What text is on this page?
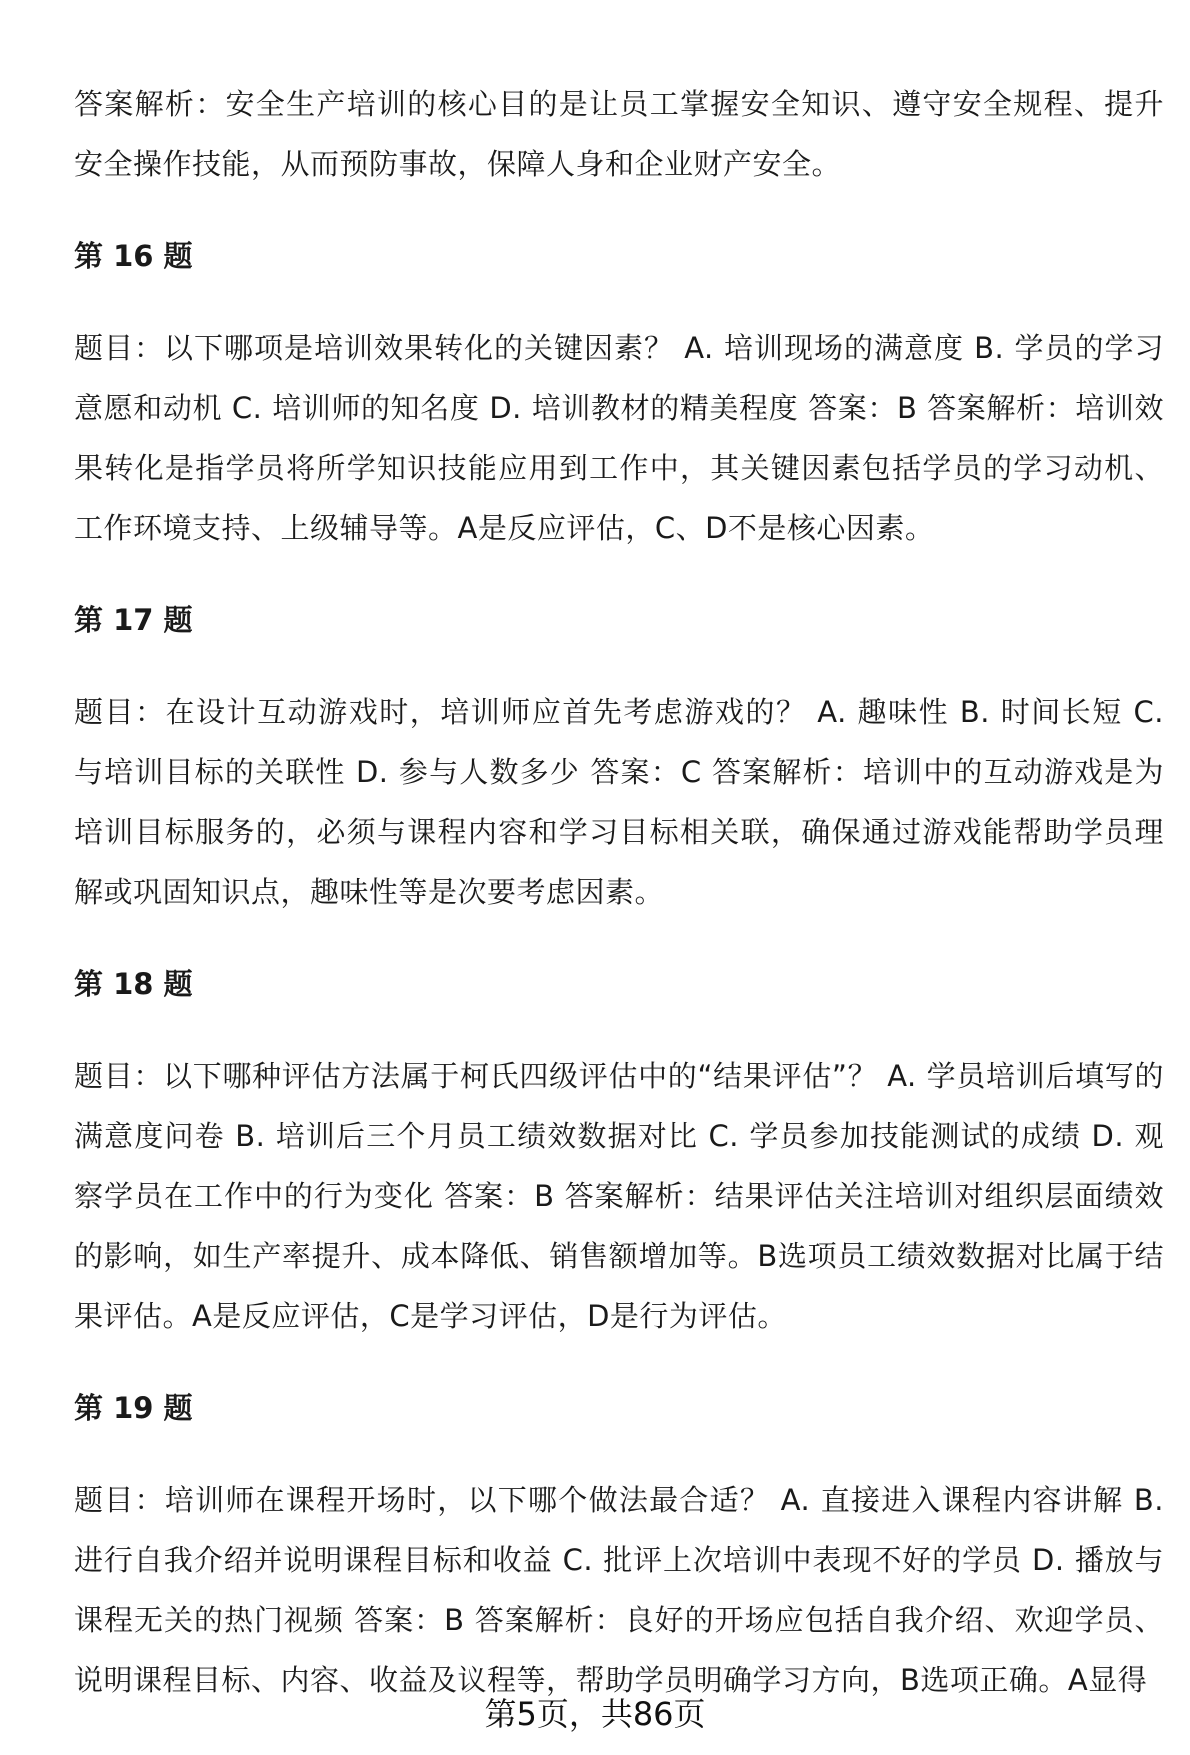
答案解析：安全生产培训的核心目的是让员工掌握安全知识、遵守安全规程、提升安全操作技能，从而预防事故，保障人身和企业财产安全。

第 16 题

题目：以下哪项是培训效果转化的关键因素？ A. 培训现场的满意度 B. 学员的学习意愿和动机 C. 培训师的知名度 D. 培训教材的精美程度 答案：B 答案解析：培训效果转化是指学员将所学知识技能应用到工作中，其关键因素包括学员的学习动机、工作环境支持、上级辅导等。A是反应评估，C、D不是核心因素。

第 17 题

题目：在设计互动游戏时，培训师应首先考虑游戏的？ A. 趣味性 B. 时间长短 C. 与培训目标的关联性 D. 参与人数多少 答案：C 答案解析：培训中的互动游戏是为培训目标服务的，必须与课程内容和学习目标相关联，确保通过游戏能帮助学员理解或巩固知识点，趣味性等是次要考虑因素。

第 18 题

题目：以下哪种评估方法属于柯氏四级评估中的“结果评估”？ A. 学员培训后填写的满意度问卷 B. 培训后三个月员工绩效数据对比 C. 学员参加技能测试的成绩 D. 观察学员在工作中的行为变化 答案：B 答案解析：结果评估关注培训对组织层面绩效的影响，如生产率提升、成本降低、销售额增加等。B选项员工绩效数据对比属于结果评估。A是反应评估，C是学习评估，D是行为评估。

第 19 题

题目：培训师在课程开场时，以下哪个做法最合适？ A. 直接进入课程内容讲解 B. 进行自我介绍并说明课程目标和收益 C. 批评上次培训中表现不好的学员 D. 播放与课程无关的热门视频 答案：B 答案解析：良好的开场应包括自我介绍、欢迎学员、说明课程目标、内容、收益及议程等，帮助学员明确学习方向，B选项正确。A显得

第5页，共86页
